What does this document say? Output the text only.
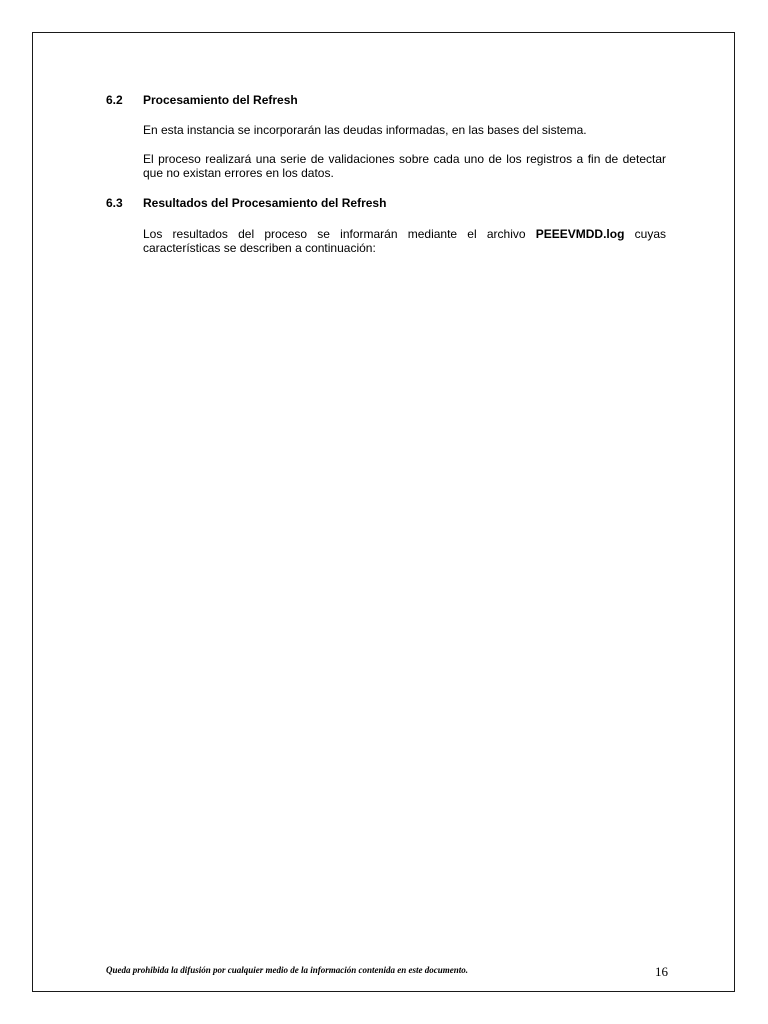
6.2 Procesamiento del Refresh
En esta instancia se incorporarán las deudas informadas, en las bases del sistema.
El proceso realizará una serie de validaciones sobre cada uno de los registros a fin de detectar que no existan errores en los datos.
6.3 Resultados del Procesamiento del Refresh
Los resultados del proceso se informarán mediante el archivo PEEEVMDD.log cuyas características se describen a continuación:
Queda prohibida la difusión por cualquier medio de la información contenida en este documento.	16
